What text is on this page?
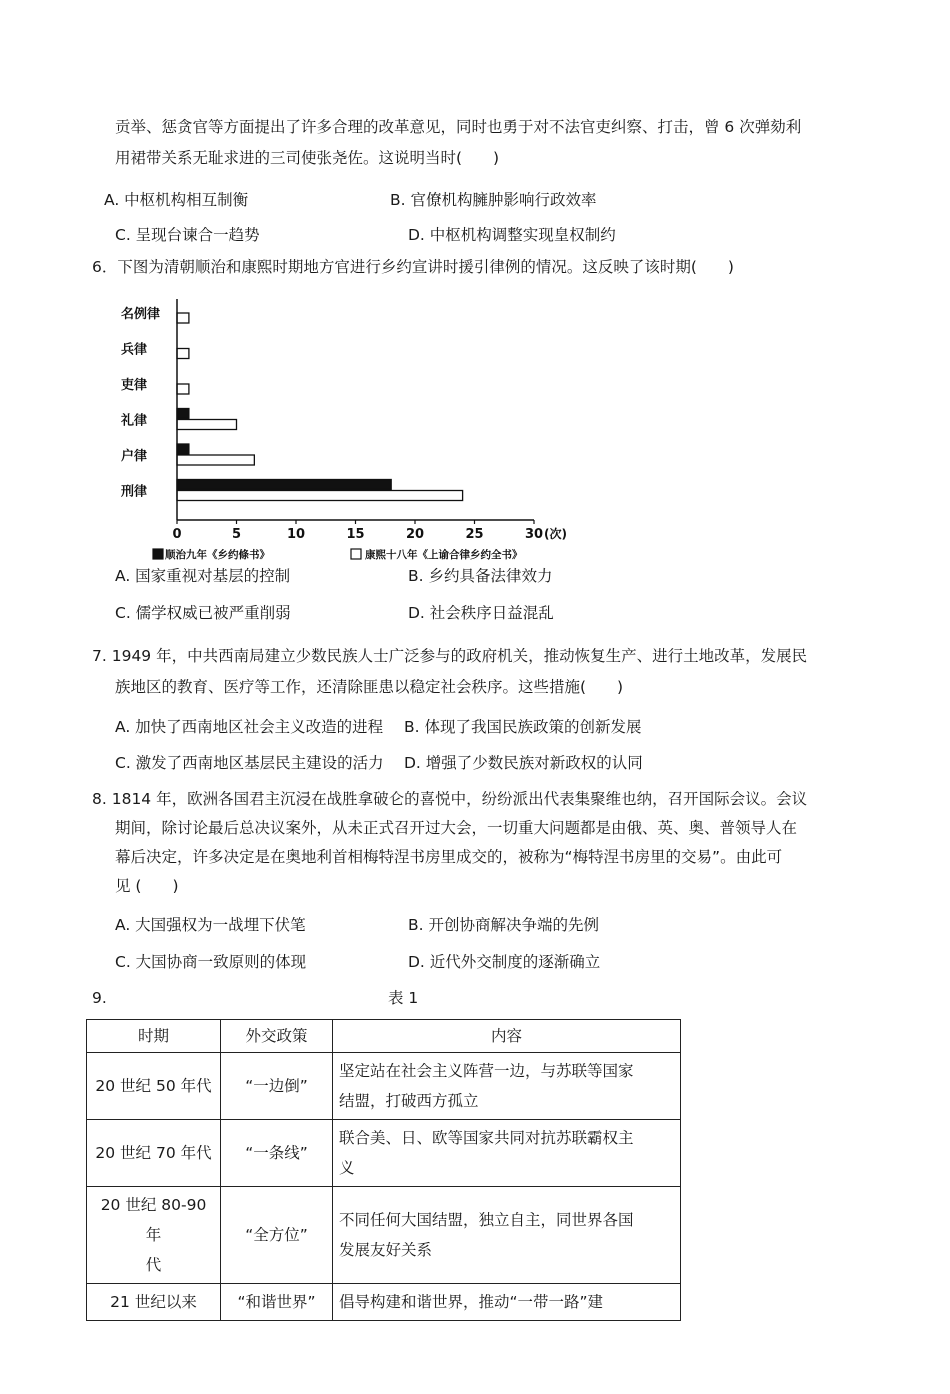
贡举、惩贪官等方面提出了许多合理的改革意见，同时也勇于对不法官吏纠察、打击，曾 6 次弹劾利
用裙带关系无耻求进的三司使张尧佐。这说明当时(　　)
A. 中枢机构相互制衡	B. 官僚机构臃肿影响行政效率
C. 呈现台谏合一趋势	D. 中枢机构调整实现皇权制约
6．下图为清朝顺治和康熙时期地方官进行乡约宣讲时援引律例的情况。这反映了该时期(　　)
名例律
兵律
吏律
礼律
户律
刑律
0	5	10	15	20	25	30 (次)
顺治九年《乡约條书》	康熙十八年《上谕合律乡约全书》
A. 国家重视对基层的控制	B. 乡约具备法律效力
C. 儒学权威已被严重削弱	D. 社会秩序日益混乱
7. 1949 年，中共西南局建立少数民族人士广泛参与的政府机关，推动恢复生产、进行土地改革，发展民
族地区的教育、医疗等工作，还清除匪患以稳定社会秩序。这些措施(　　)
A. 加快了西南地区社会主义改造的进程 B. 体现了我国民族政策的创新发展
C. 激发了西南地区基层民主建设的活力 D. 增强了少数民族对新政权的认同
8. 1814 年，欧洲各国君主沉浸在战胜拿破仑的喜悦中，纷纷派出代表集聚维也纳，召开国际会议。会议
期间，除讨论最后总决议案外，从未正式召开过大会，一切重大问题都是由俄、英、奥、普领导人在
幕后决定，许多决定是在奥地利首相梅特涅书房里成交的，被称为“梅特涅书房里的交易”。由此可
见 (　　)
A. 大国强权为一战埋下伏笔	B. 开创协商解决争端的先例
C. 大国协商一致原则的体现	D. 近代外交制度的逐渐确立
9.	表 1
时期	外交政策	内容
20 世纪 50 年代	“一边倒”	坚定站在社会主义阵营一边，与苏联等国家
结盟，打破西方孤立
20 世纪 70 年代	“一条线”	联合美、日、欧等国家共同对抗苏联霸权主
义
20 世纪 80-90 年
代	“全方位”	不同任何大国结盟，独立自主，同世界各国
发展友好关系
21 世纪以来	“和谐世界”	倡导构建和谐世界，推动“一带一路”建
